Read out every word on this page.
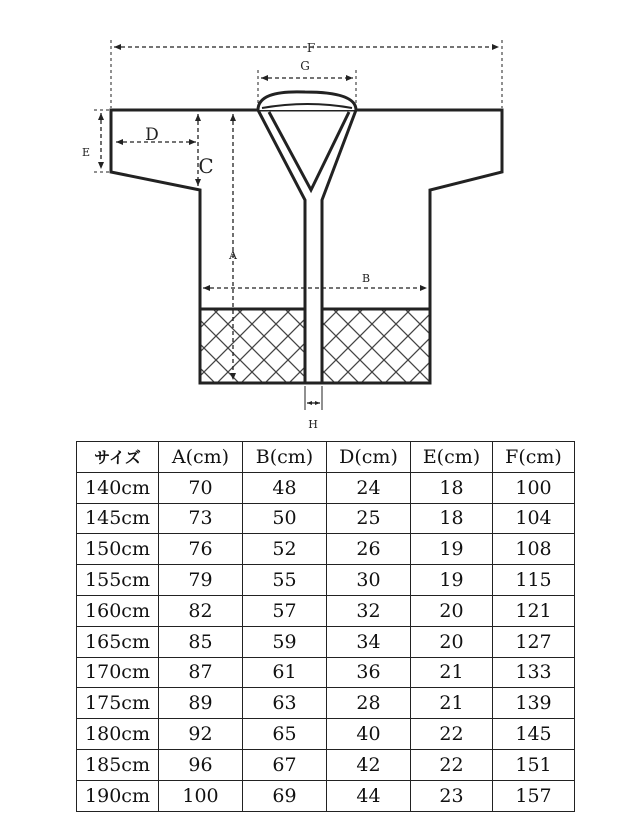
F
G
D
C
E
A
B
H
サイズ	A(cm)	B(cm)	D(cm)	E(cm)	F(cm)
140cm	70	48	24	18	100
145cm	73	50	25	18	104
150cm	76	52	26	19	108
155cm	79	55	30	19	115
160cm	82	57	32	20	121
165cm	85	59	34	20	127
170cm	87	61	36	21	133
175cm	89	63	28	21	139
180cm	92	65	40	22	145
185cm	96	67	42	22	151
190cm	100	69	44	23	157
